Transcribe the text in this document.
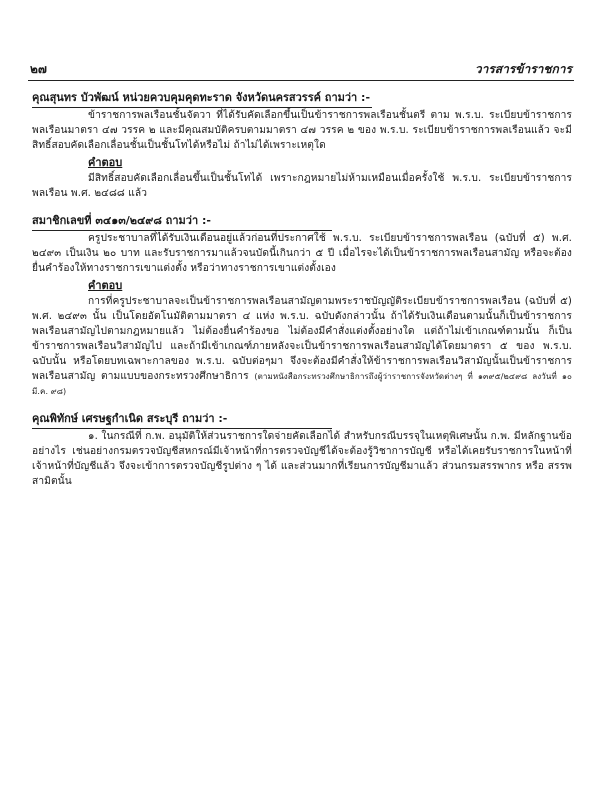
๒๗	วารสารข้าราชการ
คุณสุนทร บัวพัฒน์ หน่วยควบคุมคุดทะราด จังหวัดนครสวรรค์ ถามว่า :-

ข้าราชการพลเรือนชั้นจัตวา ที่ได้รับคัดเลือกขึ้นเป็นข้าราชการพลเรือนชั้นตรี ตาม พ.ร.บ. ระเบียบข้าราชการพลเรือนมาตรา ๔๗ วรรค ๒ และมีคุณสมบัติครบตามมาตรา ๔๗ วรรค ๒ ของ พ.ร.บ. ระเบียบข้าราชการพลเรือนแล้ว จะมีสิทธิ์สอบคัดเลือกเลื่อนชั้นเป็นชั้นโทได้หรือไม่ ถ้าไม่ได้เพราะเหตุใด

คำตอบ

มีสิทธิ์สอบคัดเลือกเลื่อนขึ้นเป็นชั้นโทได้ เพราะกฎหมายไม่ห้ามเหมือนเมื่อครั้งใช้ พ.ร.บ. ระเบียบข้าราชการพลเรือน พ.ศ. ๒๔๘๘ แล้ว

สมาชิกเลขที่ ๓๔๑๓/๒๔๙๘ ถามว่า :-

ครูประชาบาลที่ได้รับเงินเดือนอยู่แล้วก่อนที่ประกาศใช้ พ.ร.บ. ระเบียบข้าราชการพลเรือน (ฉบับที่ ๕) พ.ศ. ๒๔๙๓ เป็นเงิน ๒๐ บาท และรับราชการมาแล้วจนบัดนี้เกินกว่า ๕ ปี เมื่อไรจะได้เป็นข้าราชการพลเรือนสามัญ หรือจะต้องยื่นคำร้องให้ทางราชการเขาแต่งตั้ง หรือว่าทางราชการเขาแต่งตั้งเอง

คำตอบ

การที่ครูประชาบาลจะเป็นข้าราชการพลเรือนสามัญตามพระราชบัญญัติระเบียบข้าราชการพลเรือน (ฉบับที่ ๕) พ.ศ. ๒๔๙๓ นั้น เป็นโดยอัตโนมัติตามมาตรา ๔ แห่ง พ.ร.บ. ฉบับดังกล่าวนั้น ถ้าได้รับเงินเดือนตามนั้นก็เป็นข้าราชการพลเรือนสามัญไปตามกฎหมายแล้ว ไม่ต้องยื่นคำร้องขอ ไม่ต้องมีคำสั่งแต่งตั้งอย่างใด แต่ถ้าไม่เข้าเกณฑ์ตามนั้น ก็เป็นข้าราชการพลเรือนวิสามัญไป และถ้ามีเข้าเกณฑ์ภายหลังจะเป็นข้าราชการพลเรือนสามัญได้โดยมาตรา ๕ ของ พ.ร.บ. ฉบับนั้น หรือโดยบทเฉพาะกาลของ พ.ร.บ. ฉบับต่อๆมา จึงจะต้องมีคำสั่งให้ข้าราชการพลเรือนวิสามัญนั้นเป็นข้าราชการพลเรือนสามัญ ตามแบบของกระทรวงศึกษาธิการ (ตามหนังสือกระทรวงศึกษาธิการถึงผู้ว่าราชการจังหวัดต่างๆ ที่ ๑๓๙๕/๒๔๙๘ ลงวันที่ ๑๐ มี.ค. ๙๘)

คุณพิทักษ์ เศรษฐกำเนิด สระบุรี ถามว่า :-

๑. ในกรณีที่ ก.พ. อนุมัติให้ส่วนราชการใดจ่ายคัดเลือกได้ สำหรับกรณีบรรจุในเหตุพิเศษนั้น ก.พ. มีหลักฐานข้ออย่างไร เช่นอย่างกรมตรวจบัญชีสหกรณ์มีเจ้าหน้าที่การตรวจบัญชีได้จะต้องรู้วิชาการบัญชี หรือได้เคยรับราชการในหน้าที่เจ้าหน้าที่บัญชีแล้ว จึงจะเข้าการตรวจบัญชีรูปต่าง ๆ ได้ และส่วนมากที่เรียนการบัญชีมาแล้ว ส่วนกรมสรรพากร หรือ สรรพสามิตนั้น
